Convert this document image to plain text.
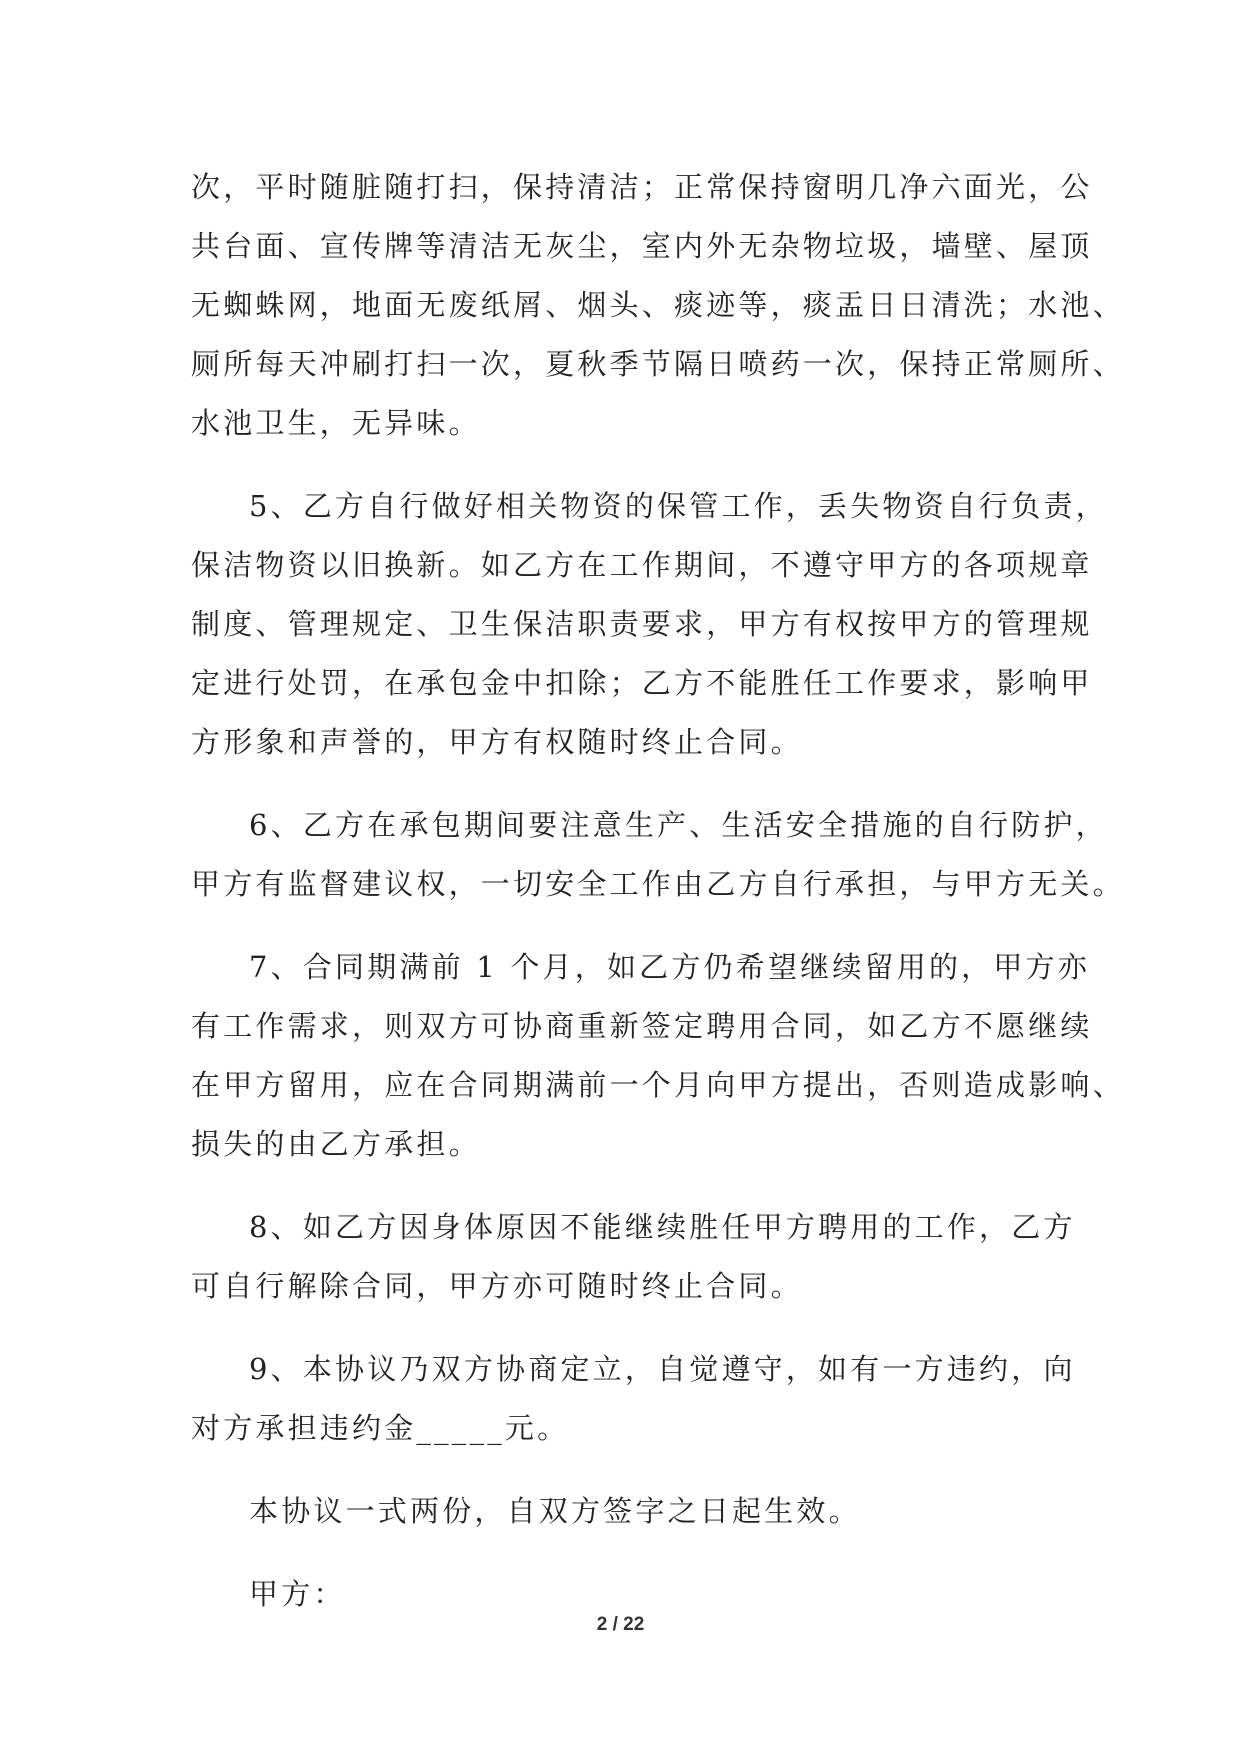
次，平时随脏随打扫，保持清洁；正常保持窗明几净六面光，公
共台面、宣传牌等清洁无灰尘，室内外无杂物垃圾，墙壁、屋顶
无蜘蛛网，地面无废纸屑、烟头、痰迹等，痰盂日日清洗；水池、
厕所每天冲刷打扫一次，夏秋季节隔日喷药一次，保持正常厕所、
水池卫生，无异味。
5、乙方自行做好相关物资的保管工作，丢失物资自行负责，
保洁物资以旧换新。如乙方在工作期间，不遵守甲方的各项规章
制度、管理规定、卫生保洁职责要求，甲方有权按甲方的管理规
定进行处罚，在承包金中扣除；乙方不能胜任工作要求，影响甲
方形象和声誉的，甲方有权随时终止合同。
6、乙方在承包期间要注意生产、生活安全措施的自行防护，
甲方有监督建议权，一切安全工作由乙方自行承担，与甲方无关。
7、合同期满前 1 个月，如乙方仍希望继续留用的，甲方亦
有工作需求，则双方可协商重新签定聘用合同，如乙方不愿继续
在甲方留用，应在合同期满前一个月向甲方提出，否则造成影响、
损失的由乙方承担。
8、如乙方因身体原因不能继续胜任甲方聘用的工作，乙方
可自行解除合同，甲方亦可随时终止合同。
9、本协议乃双方协商定立，自觉遵守，如有一方违约，向
对方承担违约金_____元。
本协议一式两份，自双方签字之日起生效。
甲方：
2 / 22
